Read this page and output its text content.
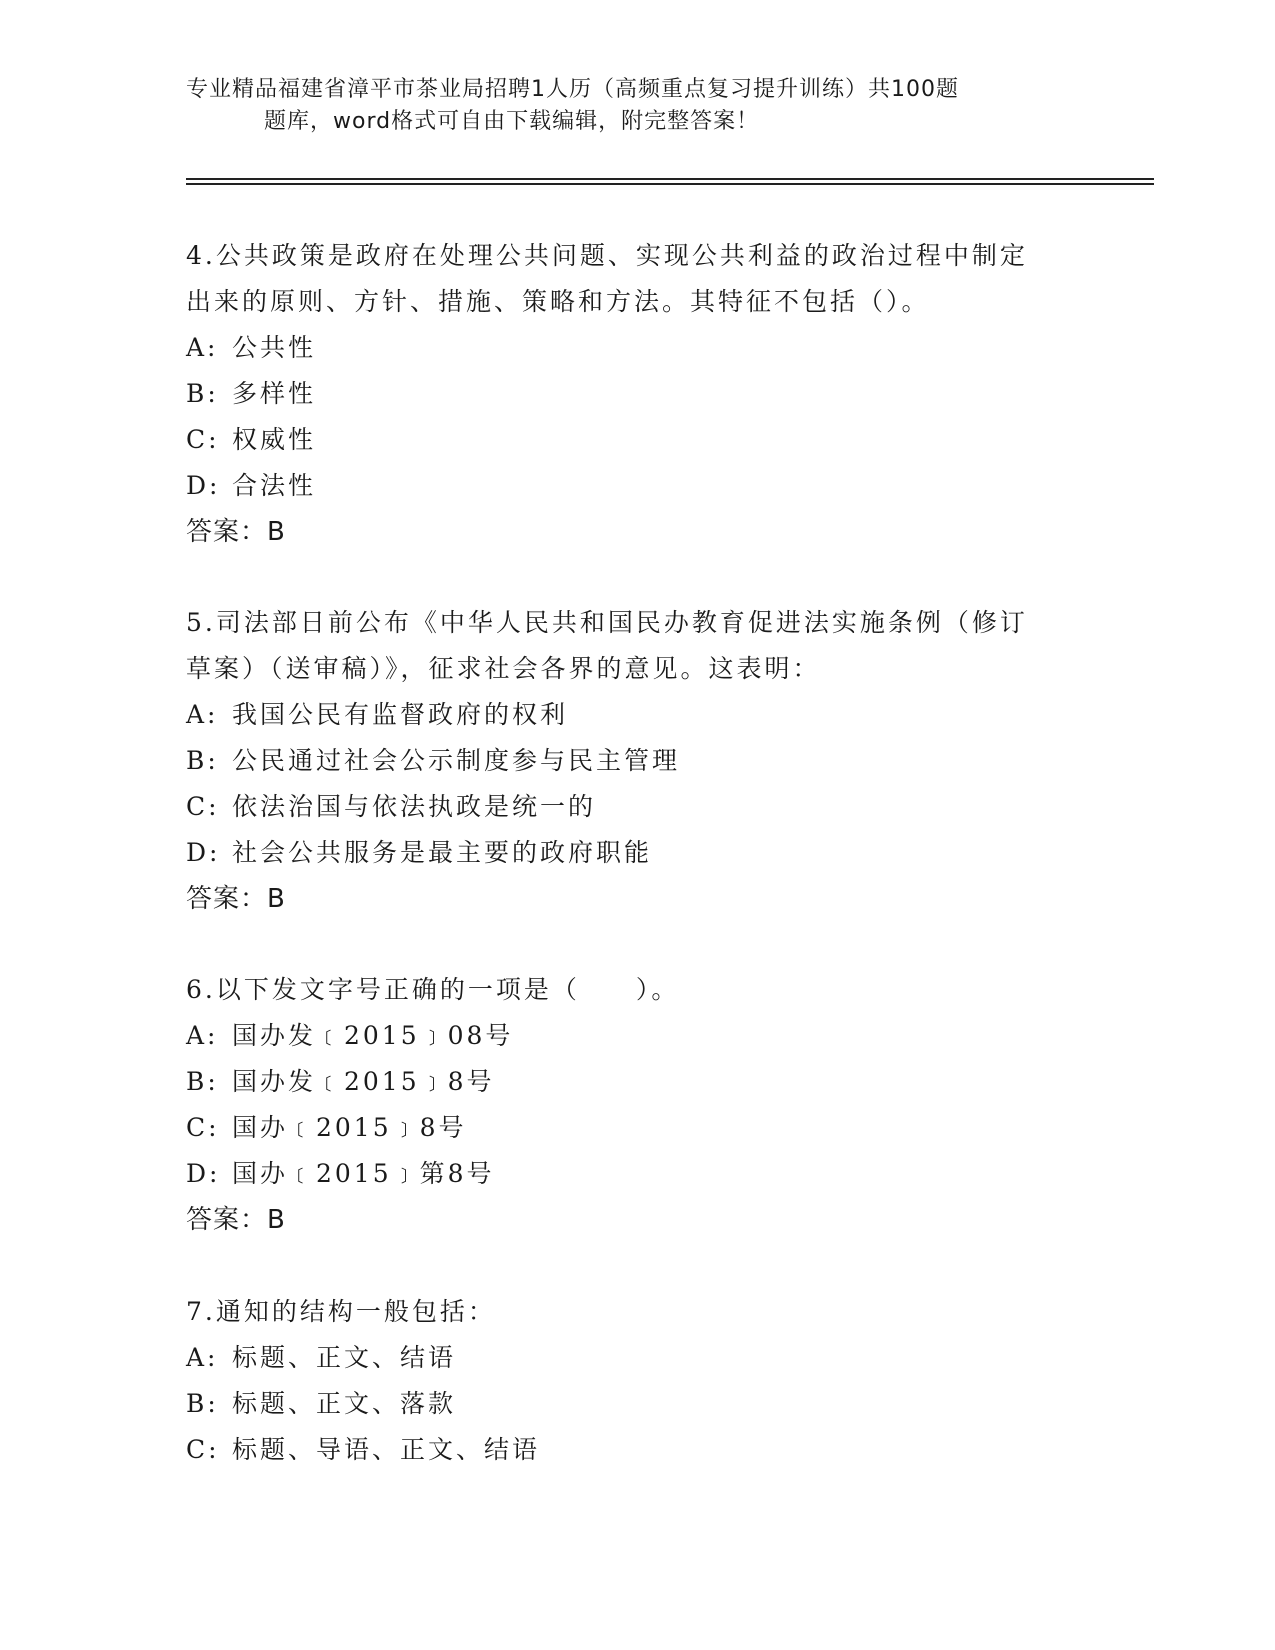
专业精品福建省漳平市茶业局招聘1人历（高频重点复习提升训练）共100题
题库，word格式可自由下载编辑，附完整答案！
4.公共政策是政府在处理公共问题、实现公共利益的政治过程中制定
出来的原则、方针、措施、策略和方法。其特征不包括（）。
A: 公共性
B: 多样性
C: 权威性
D: 合法性
答案：B
5.司法部日前公布《中华人民共和国民办教育促进法实施条例（修订
草案）（送审稿）》，征求社会各界的意见。这表明：
A: 我国公民有监督政府的权利
B: 公民通过社会公示制度参与民主管理
C: 依法治国与依法执政是统一的
D: 社会公共服务是最主要的政府职能
答案：B
6.以下发文字号正确的一项是（　　）。
A: 国办发﹝2015﹞08号
B: 国办发﹝2015﹞8号
C: 国办﹝2015﹞8号
D: 国办﹝2015﹞第8号
答案：B
7.通知的结构一般包括：
A: 标题、正文、结语
B: 标题、正文、落款
C: 标题、导语、正文、结语
